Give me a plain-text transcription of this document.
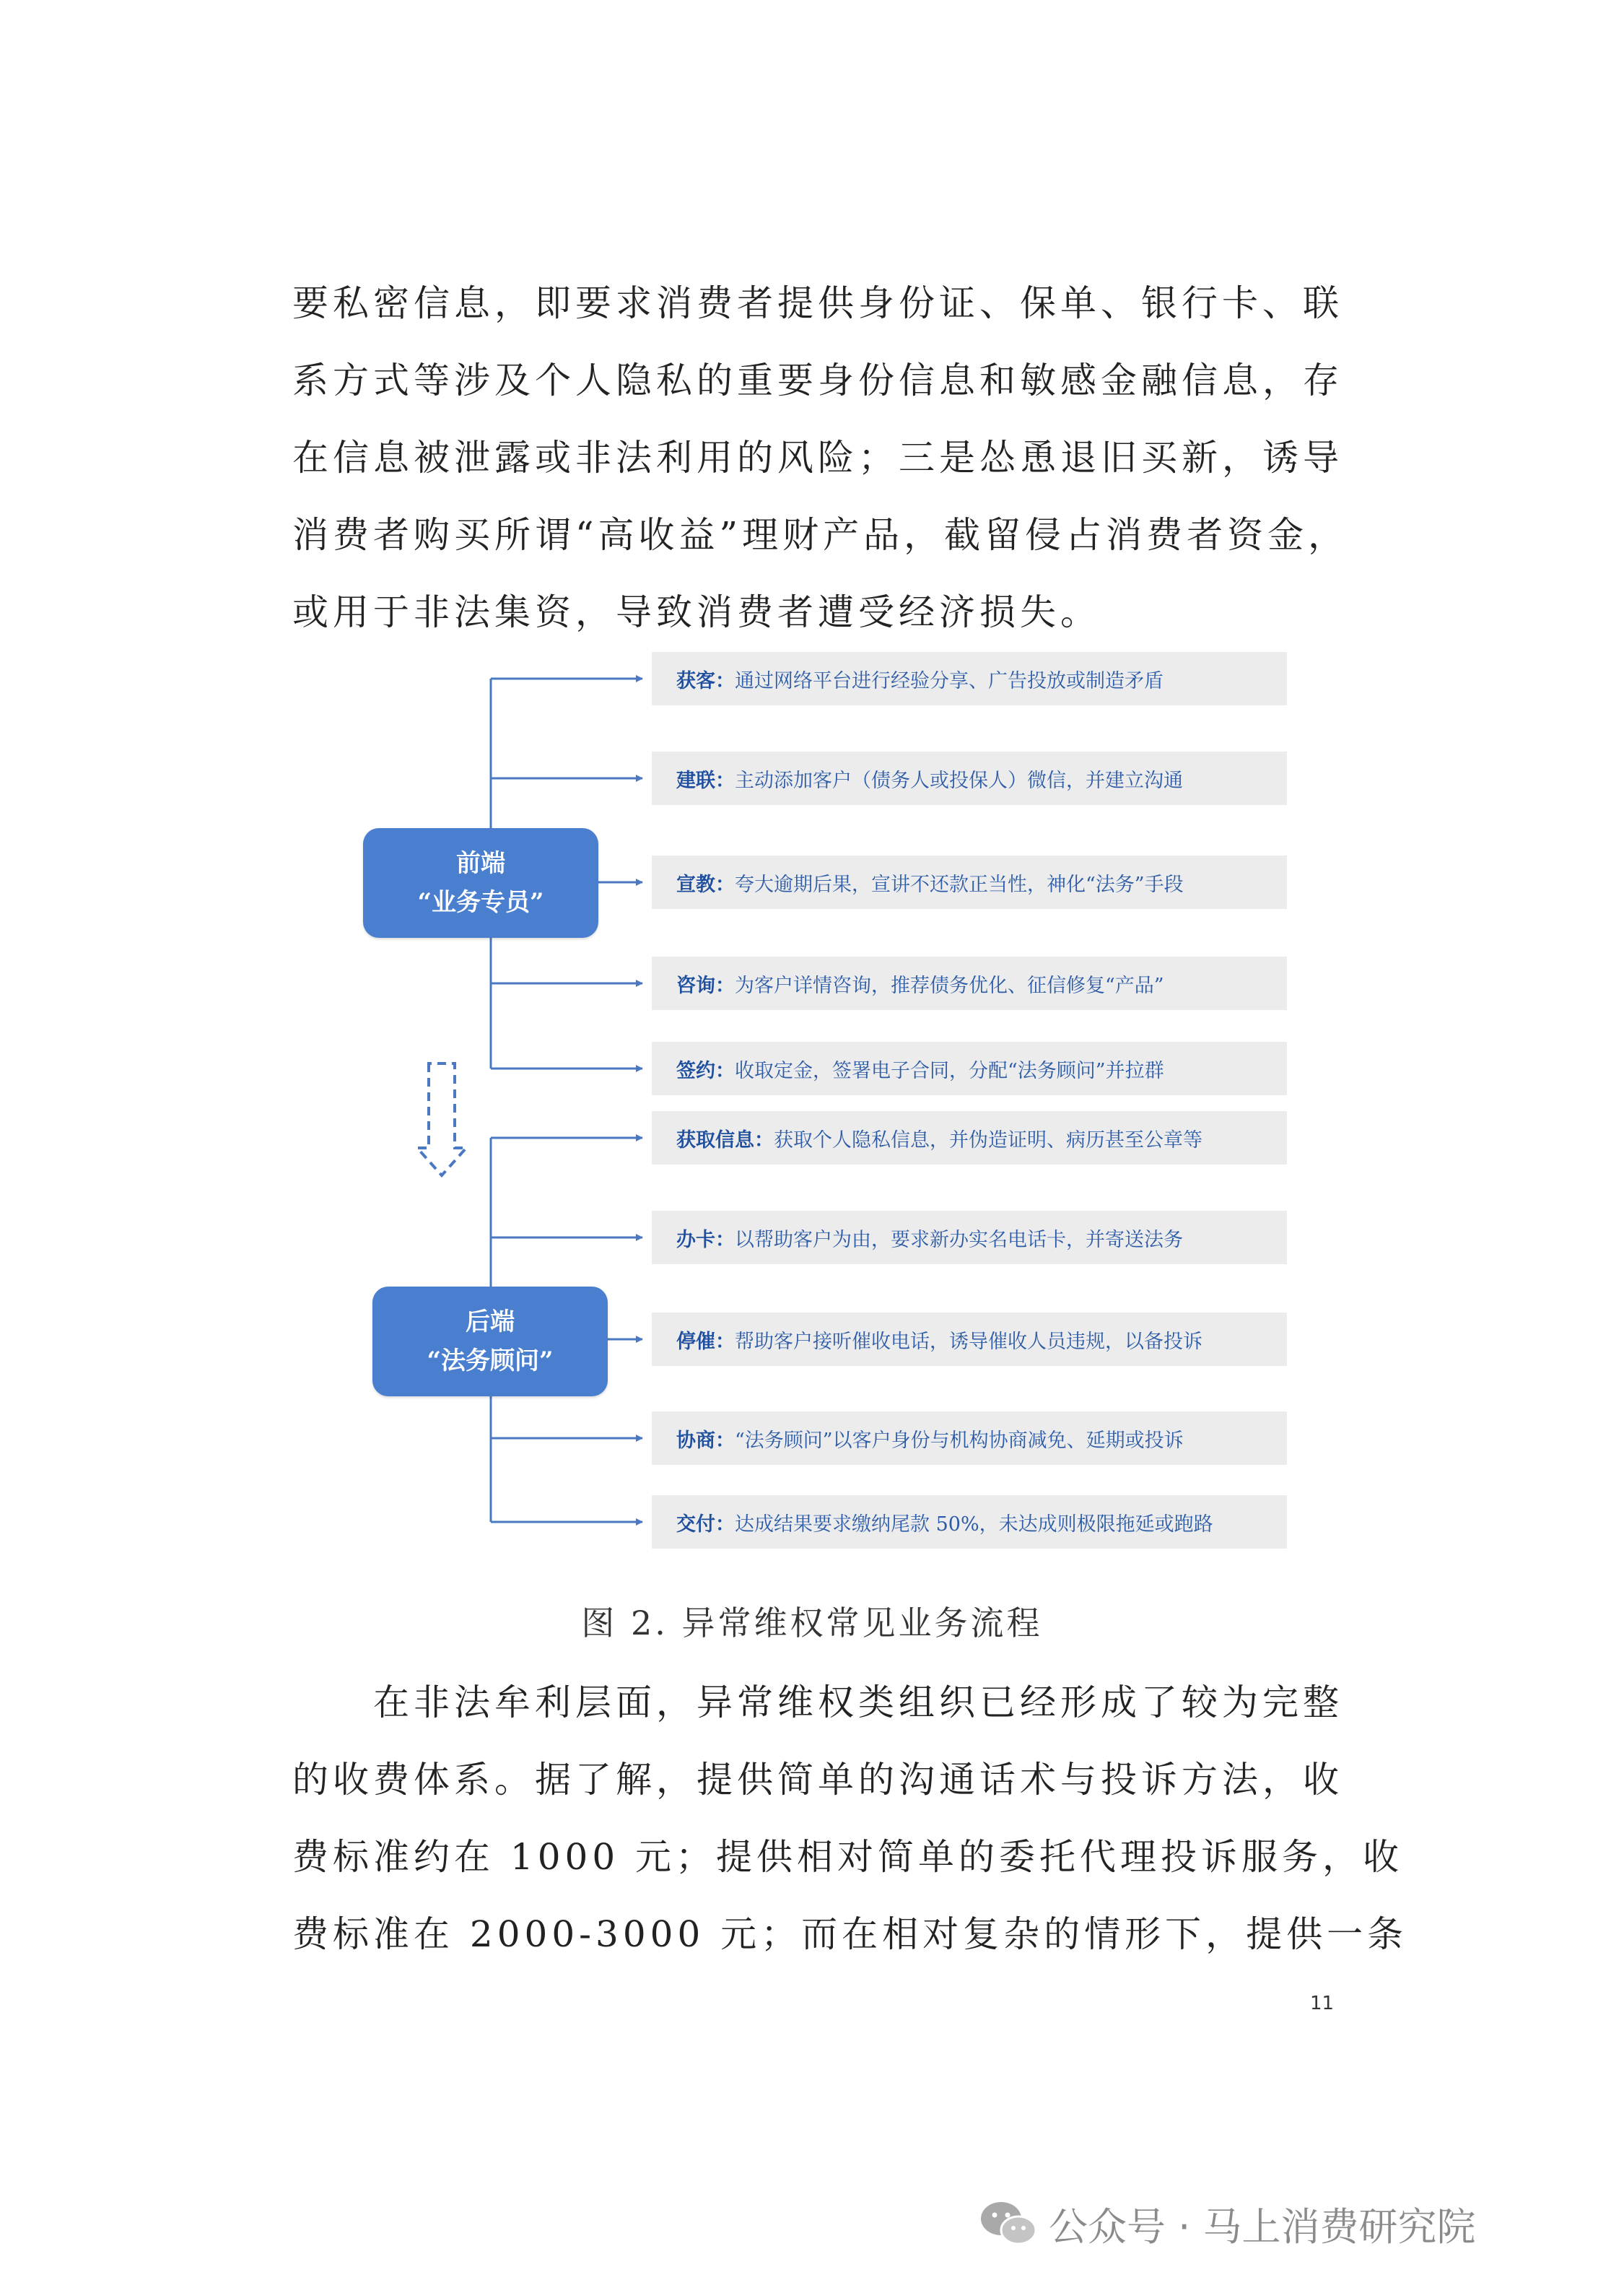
要私密信息，即要求消费者提供身份证、保单、银行卡、联
系方式等涉及个人隐私的重要身份信息和敏感金融信息，存
在信息被泄露或非法利用的风险；三是怂恿退旧买新，诱导
消费者购买所谓“高收益”理财产品，截留侵占消费者资金，
或用于非法集资，导致消费者遭受经济损失。
前端
“业务专员”
后端
“法务顾问”
获客： 通过网络平台进行经验分享、广告投放或制造矛盾
建联： 主动添加客户（债务人或投保人）微信，并建立沟通
宣教： 夸大逾期后果，宣讲不还款正当性，神化“法务”手段
咨询： 为客户详情咨询，推荐债务优化、征信修复“产品”
签约： 收取定金，签署电子合同，分配“法务顾问”并拉群
获取信息： 获取个人隐私信息，并伪造证明、病历甚至公章等
办卡： 以帮助客户为由，要求新办实名电话卡，并寄送法务
停催： 帮助客户接听催收电话，诱导催收人员违规，以备投诉
协商： “法务顾问”以客户身份与机构协商减免、延期或投诉
交付： 达成结果要求缴纳尾款 50%，未达成则极限拖延或跑路
图 2. 异常维权常见业务流程
　　在非法牟利层面，异常维权类组织已经形成了较为完整
的收费体系。据了解，提供简单的沟通话术与投诉方法，收
费标准约在 1000 元；提供相对简单的委托代理投诉服务，收
费标准在 2000-3000 元；而在相对复杂的情形下，提供一条
11
公众号 · 马上消费研究院
